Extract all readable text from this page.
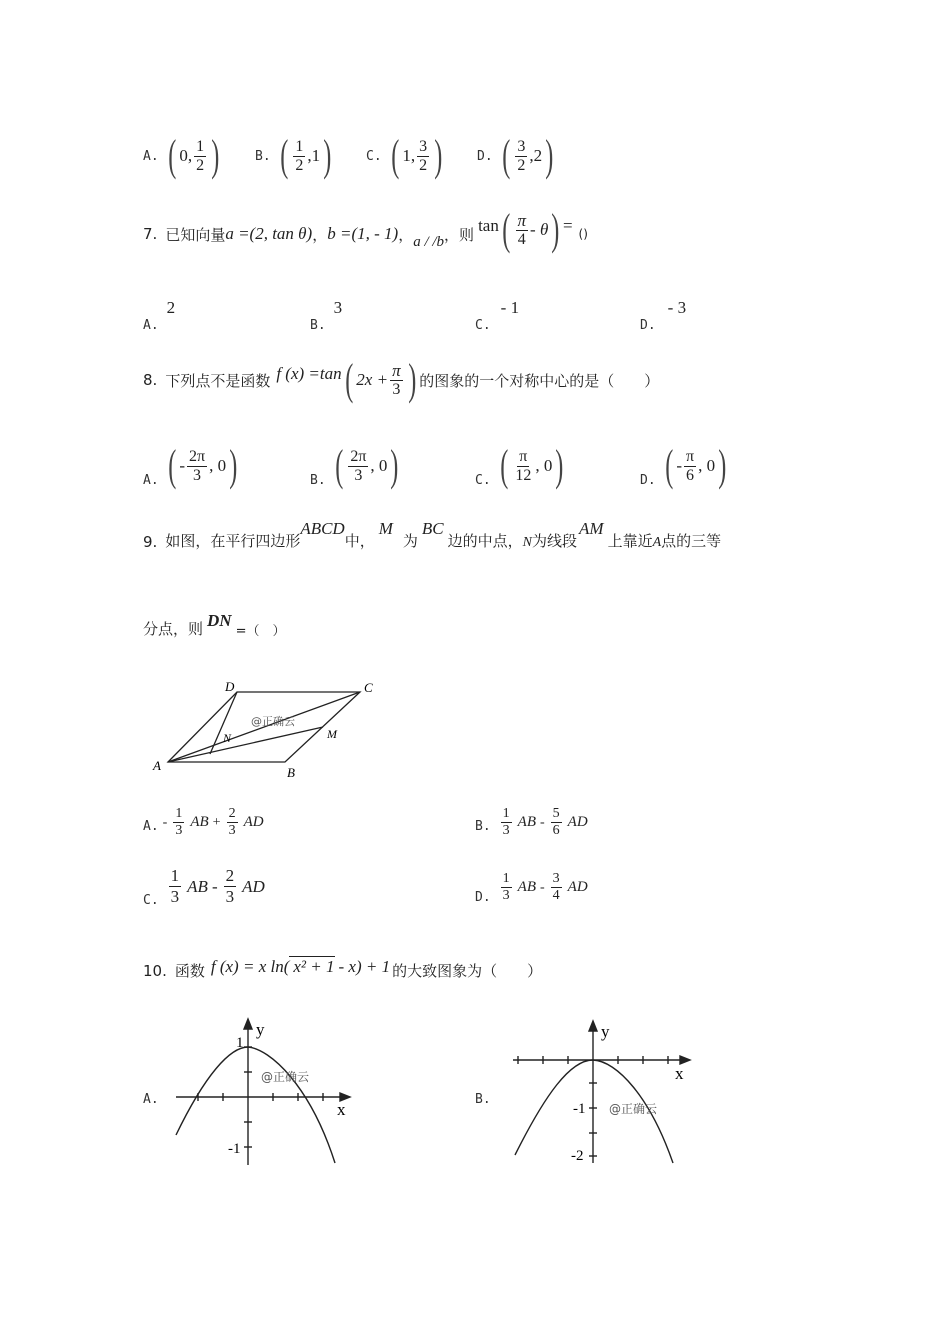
A. ( 0, $\frac{1}{2}$ )	B. ( $\frac{1}{2} ,1$ )	C. ( 1, $\frac{3}{2}$ )	D. ( $\frac{3}{2} ,2$ )
7. 已知向量 a =(2, tan θ) ， b =(1, - 1) ， a / /b ，则 tan ( $\frac{\pi}{4}$ - θ ) = ()
$_{A.}$2
$_{B.}$3
$_{C.}$- 1
$_{D.}$- 3
8. 下列点不是函数 f (x) =tan ( $2x + \frac{\pi}{3}$ ) 的图象的一个对称中心的是（　　）
A. ( - $\frac{2\pi}{3}$ , 0 )	B. ( $\frac{2\pi}{3}$ , 0 )	C. ( $\frac{\pi}{12}$ , 0 )	D. ( - $\frac{\pi}{6}$ , 0 )
9. 如图，在平行四边形
ABCD
中，
M
为
BC
边的中点， N 为线段
AM
上靠近 A 点的三等
分点，则 DN
=（　）
D	C
N	M
A	B
@正确云
A. - $\frac{1}{3}$ AB + $\frac{2}{3}$ AD	B. $\frac{1}{3}$ AB - $\frac{5}{6}$ AD
C. $\frac{1}{3}$ AB - $\frac{2}{3}$ AD
D. $\frac{1}{3}$ AB - $\frac{3}{4}$ AD
10. 函数 f (x) = x ln( x² + 1 - x) + 1 的大致图象为（　　）
A.
y
x
1
-1
@正确云
B.
y
x
-1
-2
@正确云
